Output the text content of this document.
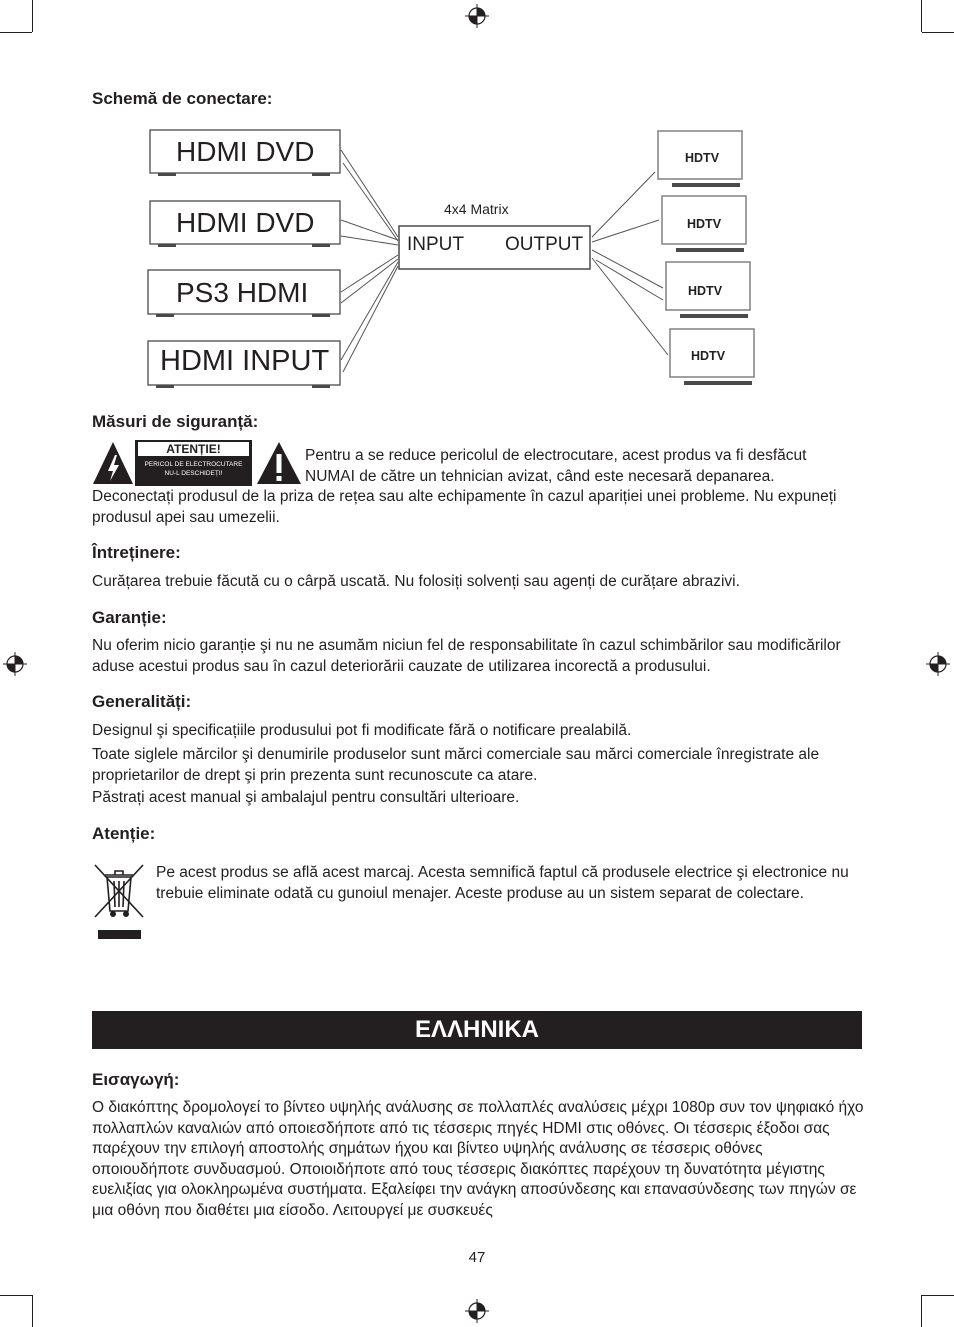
Schemă de conectare:
HDMI DVD
HDMI DVD
PS3 HDMI
HDMI INPUT
4x4 Matrix
INPUT OUTPUT
HDTV
HDTV
HDTV
HDTV
Măsuri de siguranță:
ATENȚIE!
PERICOL DE ELECTROCUTARE
NU-L DESCHIDEȚI!
Pentru a se reduce pericolul de electrocutare, acest produs va fi desfăcut
NUMAI de către un tehnician avizat, când este necesară depanarea.
Deconectați produsul de la priza de rețea sau alte echipamente în cazul apariției unei probleme. Nu expuneți produsul apei sau umezelii.
Întreținere:
Curățarea trebuie făcută cu o cârpă uscată. Nu folosiți solvenți sau agenți de curățare abrazivi.
Garanție:
Nu oferim nicio garanție şi nu ne asumăm niciun fel de responsabilitate în cazul schimbărilor sau modificărilor aduse acestui produs sau în cazul deteriorării cauzate de utilizarea incorectă a produsului.
Generalități:
Designul şi specificațiile produsului pot fi modificate fără o notificare prealabilă.
Toate siglele mărcilor şi denumirile produselor sunt mărci comerciale sau mărci comerciale înregistrate ale proprietarilor de drept şi prin prezenta sunt recunoscute ca atare.
Păstrați acest manual şi ambalajul pentru consultări ulterioare.
Atenție:
Pe acest produs se află acest marcaj. Acesta semnifică faptul că produsele electrice şi electronice nu trebuie eliminate odată cu gunoiul menajer. Aceste produse au un sistem separat de colectare.
ΕΛΛΗΝΙΚΑ
Εισαγωγή:
Ο διακόπτης δρομολογεί το βίντεο υψηλής ανάλυσης σε πολλαπλές αναλύσεις μέχρι 1080p συν τον ψηφιακό ήχο πολλαπλών καναλιών από οποιεσδήποτε από τις τέσσερις πηγές HDMI στις οθόνες. Οι τέσσερις έξοδοι σας παρέχουν την επιλογή αποστολής σημάτων ήχου και βίντεο υψηλής ανάλυσης σε τέσσερις οθόνες οποιουδήποτε συνδυασμού. Οποιοιδήποτε από τους τέσσερις διακόπτες παρέχουν τη δυνατότητα μέγιστης ευελιξίας για ολοκληρωμένα συστήματα. Εξαλείφει την ανάγκη αποσύνδεσης και επανασύνδεσης των πηγών σε μια οθόνη που διαθέτει μια είσοδο. Λειτουργεί με συσκευές
47
